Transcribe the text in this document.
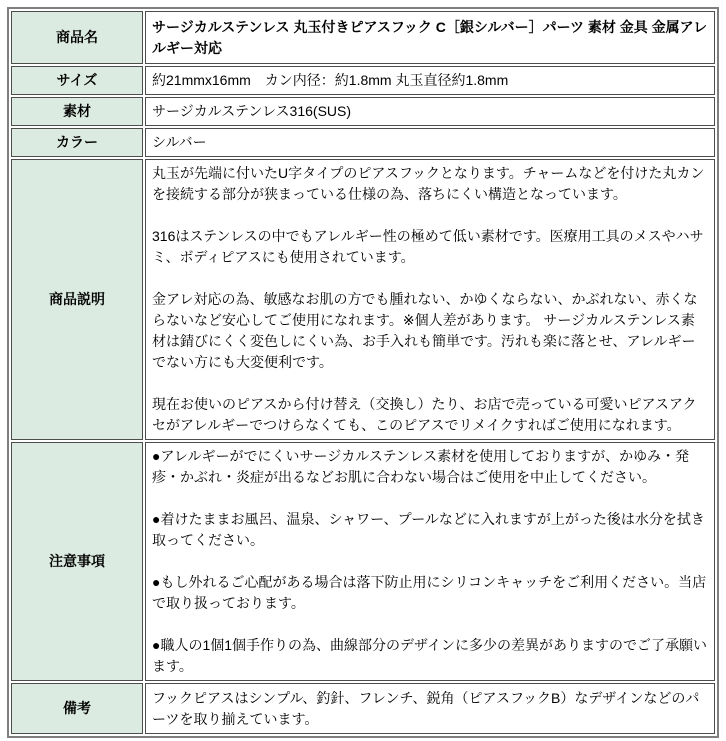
商品名	サージカルステンレス 丸玉付きピアスフック C［銀シルバー］パーツ 素材 金具 金属アレルギー対応

サイズ	約21mmx16mm　カン内径：約1.8mm 丸玉直径約1.8mm

素材	サージカルステンレス316(SUS)

カラー	シルバー

商品説明	丸玉が先端に付いたU字タイプのピアスフックとなります。チャームなどを付けた丸カンを接続する部分が狭まっている仕様の為、落ちにくい構造となっています。

316はステンレスの中でもアレルギー性の極めて低い素材です。医療用工具のメスやハサミ、ボディピアスにも使用されています。

金アレ対応の為、敏感なお肌の方でも腫れない、かゆくならない、かぶれない、赤くならないなど安心してご使用になれます。※個人差があります。 サージカルステンレス素材は錆びにくく変色しにくい為、お手入れも簡単です。汚れも楽に落とせ、アレルギーでない方にも大変便利です。

現在お使いのピアスから付け替え（交換し）たり、お店で売っている可愛いピアスアクセがアレルギーでつけらなくても、このピアスでリメイクすればご使用になれます。

注意事項	●アレルギーがでにくいサージカルステンレス素材を使用しておりますが、かゆみ・発疹・かぶれ・炎症が出るなどお肌に合わない場合はご使用を中止してください。

●着けたままお風呂、温泉、シャワー、プールなどに入れますが上がった後は水分を拭き取ってください。

●もし外れるご心配がある場合は落下防止用にシリコンキャッチをご利用ください。当店で取り扱っております。

●職人の1個1個手作りの為、曲線部分のデザインに多少の差異がありますのでご了承願います。

備考	フックピアスはシンプル、釣針、フレンチ、鋭角（ピアスフックB）なデザインなどのパーツを取り揃えています。
